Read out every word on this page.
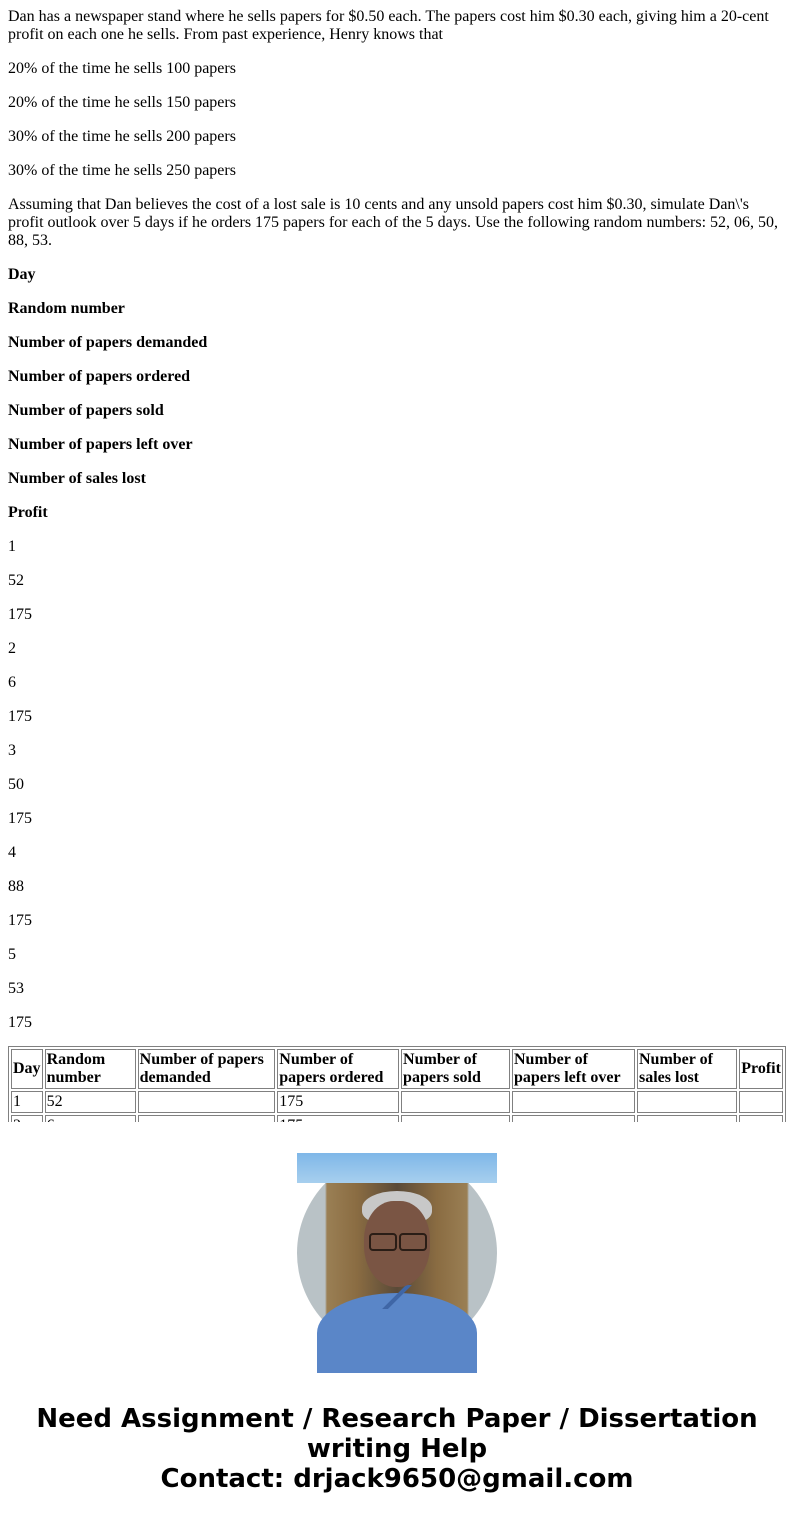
Dan has a newspaper stand where he sells papers for $0.50 each. The papers cost him $0.30 each, giving him a 20-cent profit on each one he sells. From past experience, Henry knows that

20% of the time he sells 100 papers

20% of the time he sells 150 papers

30% of the time he sells 200 papers

30% of the time he sells 250 papers

Assuming that Dan believes the cost of a lost sale is 10 cents and any unsold papers cost him $0.30, simulate Dan\'s profit outlook over 5 days if he orders 175 papers for each of the 5 days. Use the following random numbers: 52, 06, 50, 88, 53.

Day

Random number

Number of papers demanded

Number of papers ordered

Number of papers sold

Number of papers left over

Number of sales lost

Profit

1

52

175

2

6

175

3

50

175

4

88

175

5

53

175

Day	Random number	Number of papers demanded	Number of papers ordered	Number of papers sold	Number of papers left over	Number of sales lost	Profit
1	52		175				

Need Assignment / Research Paper / Dissertation
writing Help
Contact: drjack9650@gmail.com
